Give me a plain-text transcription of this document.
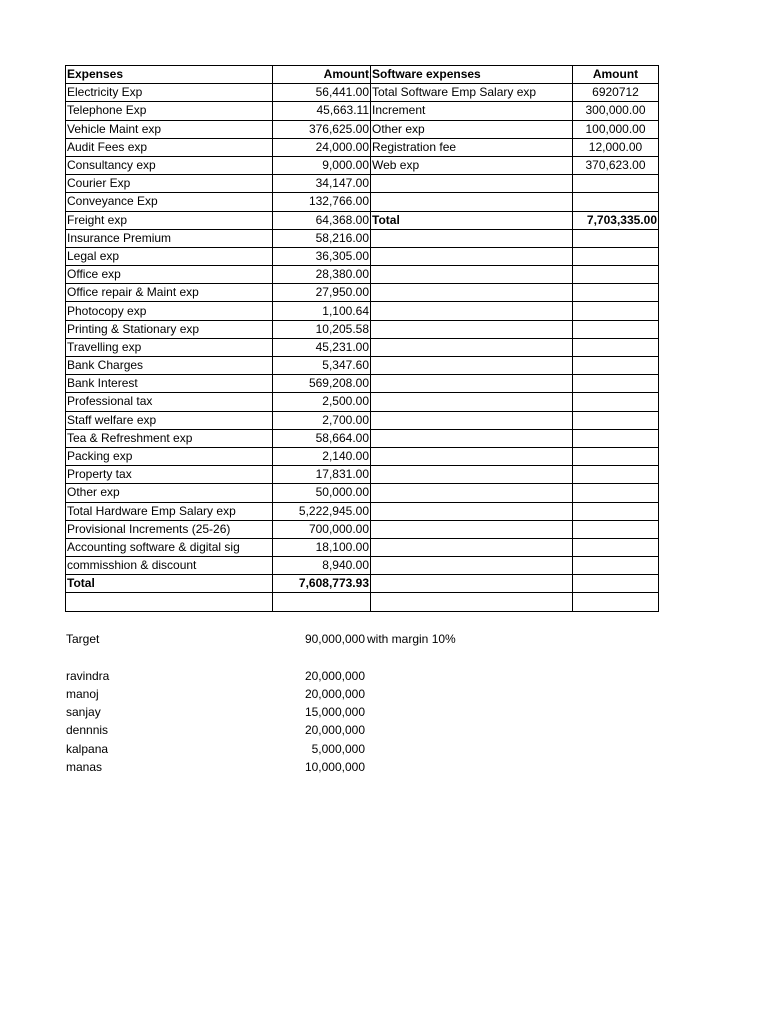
Expenses	Amount	Software expenses	Amount
Electricity Exp	56,441.00	Total Software Emp Salary exp	6920712
Telephone Exp	45,663.11	Increment	300,000.00
Vehicle Maint exp	376,625.00	Other exp	100,000.00
Audit Fees exp	24,000.00	Registration fee	12,000.00
Consultancy exp	9,000.00	Web exp	370,623.00
Courier Exp	34,147.00		
Conveyance Exp	132,766.00		
Freight exp	64,368.00	Total	7,703,335.00
Insurance Premium	58,216.00		
Legal exp	36,305.00		
Office exp	28,380.00		
Office repair & Maint exp	27,950.00		
Photocopy exp	1,100.64		
Printing & Stationary exp	10,205.58		
Travelling exp	45,231.00		
Bank Charges	5,347.60		
Bank Interest	569,208.00		
Professional tax	2,500.00		
Staff welfare exp	2,700.00		
Tea & Refreshment exp	58,664.00		
Packing exp	2,140.00		
Property tax	17,831.00		
Other exp	50,000.00		
Total Hardware Emp Salary exp	5,222,945.00		
Provisional Increments (25-26)	700,000.00		
Accounting software & digital sig	18,100.00		
commisshion & discount	8,940.00		
Total	7,608,773.93		

Target	90,000,000 with margin 10%
ravindra	20,000,000
manoj	20,000,000
sanjay	15,000,000
dennnis	20,000,000
kalpana	5,000,000
manas	10,000,000
